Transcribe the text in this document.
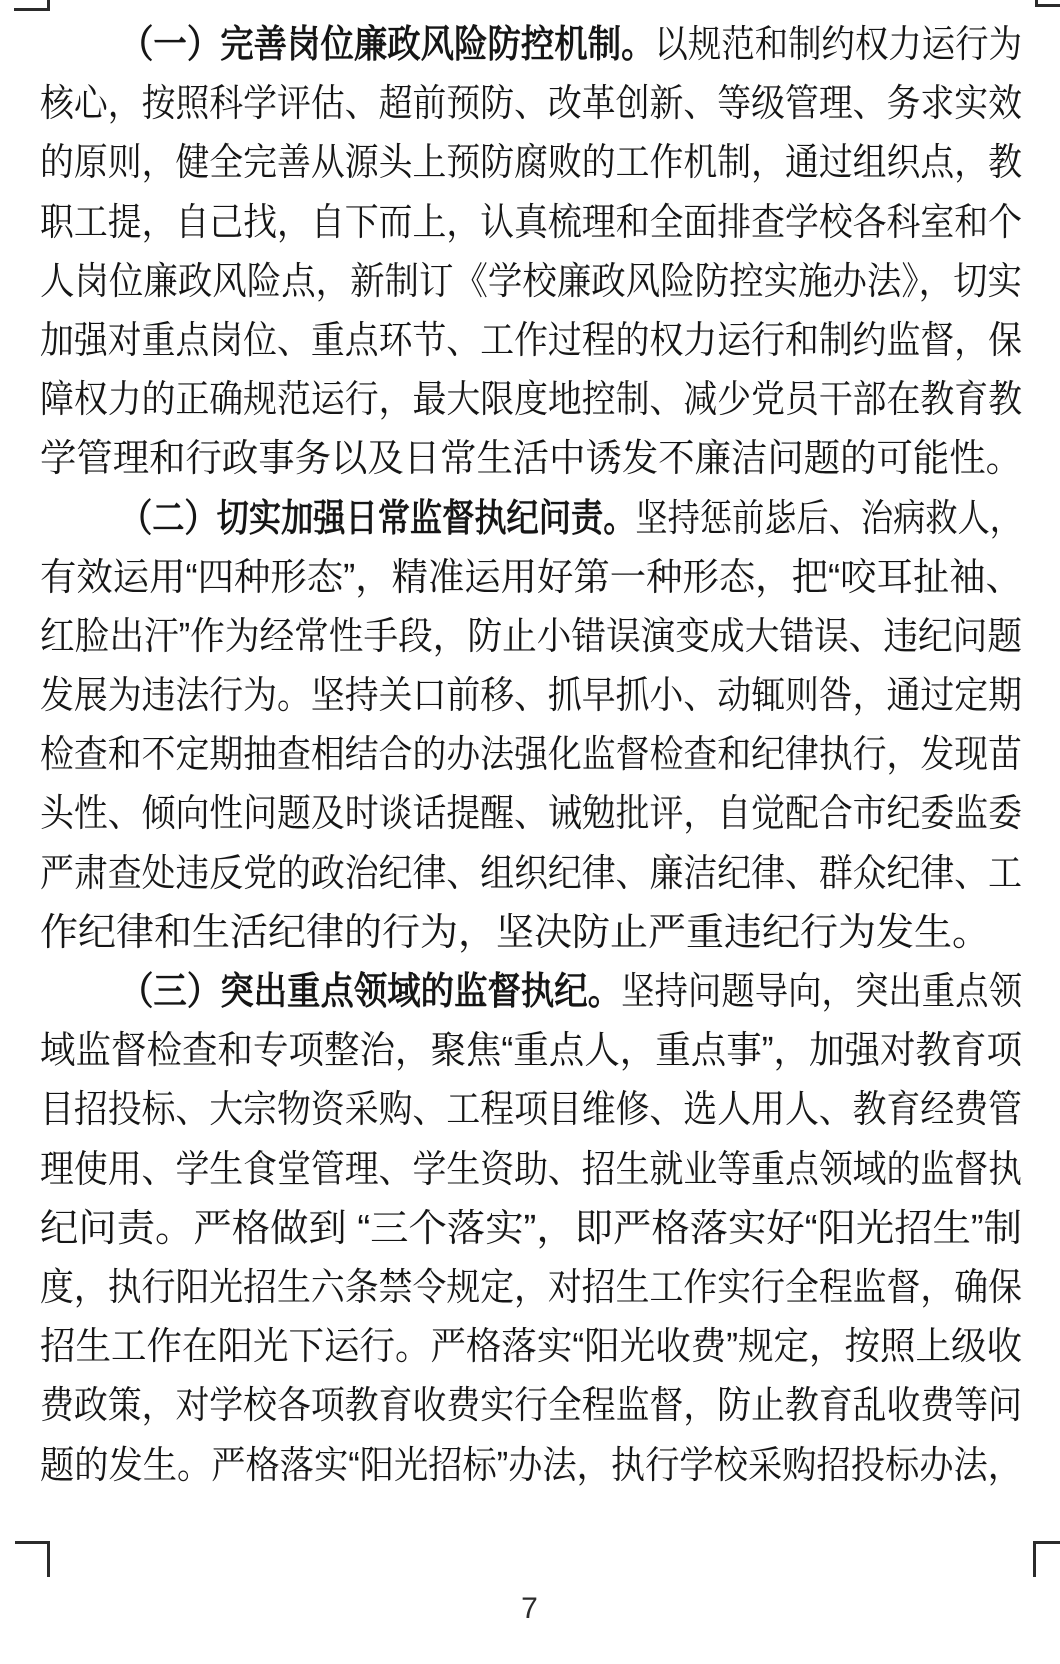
（一）完善岗位廉政风险防控机制。以规范和制约权力运行为
核心，按照科学评估、超前预防、改革创新、等级管理、务求实效
的原则，健全完善从源头上预防腐败的工作机制，通过组织点，教
职工提，自己找，自下而上，认真梳理和全面排查学校各科室和个
人岗位廉政风险点，新制订《学校廉政风险防控实施办法》，切实
加强对重点岗位、重点环节、工作过程的权力运行和制约监督，保
障权力的正确规范运行，最大限度地控制、减少党员干部在教育教
学管理和行政事务以及日常生活中诱发不廉洁问题的可能性。
（二）切实加强日常监督执纪问责。坚持惩前毖后、治病救人，
有效运用“四种形态”，精准运用好第一种形态，把“咬耳扯袖、
红脸出汗”作为经常性手段，防止小错误演变成大错误、违纪问题
发展为违法行为。坚持关口前移、抓早抓小、动辄则咎，通过定期
检查和不定期抽查相结合的办法强化监督检查和纪律执行，发现苗
头性、倾向性问题及时谈话提醒、诫勉批评，自觉配合市纪委监委
严肃查处违反党的政治纪律、组织纪律、廉洁纪律、群众纪律、工
作纪律和生活纪律的行为，坚决防止严重违纪行为发生。
（三）突出重点领域的监督执纪。坚持问题导向，突出重点领
域监督检查和专项整治，聚焦“重点人，重点事”，加强对教育项
目招投标、大宗物资采购、工程项目维修、选人用人、教育经费管
理使用、学生食堂管理、学生资助、招生就业等重点领域的监督执
纪问责。严格做到 “三个落实”，即严格落实好“阳光招生”制
度，执行阳光招生六条禁令规定，对招生工作实行全程监督，确保
招生工作在阳光下运行。严格落实“阳光收费”规定，按照上级收
费政策，对学校各项教育收费实行全程监督，防止教育乱收费等问
题的发生。严格落实“阳光招标”办法，执行学校采购招投标办法，
7
